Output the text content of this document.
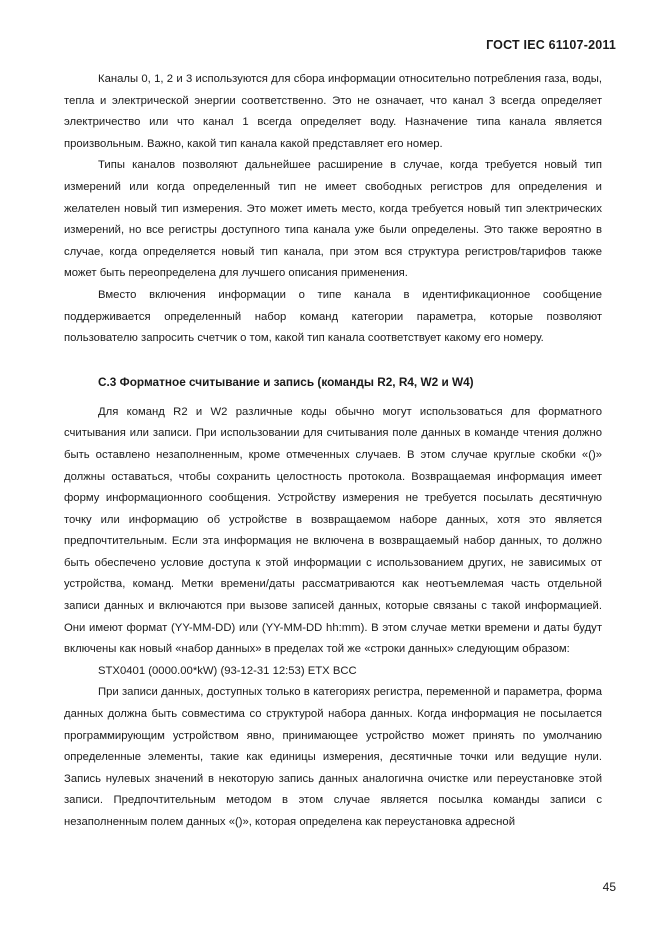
ГОСТ IEC 61107-2011

Каналы 0, 1, 2 и 3 используются для сбора информации относительно потребления газа, воды, тепла и электрической энергии соответственно. Это не означает, что канал 3 всегда определяет электричество или что канал 1 всегда определяет воду. Назначение типа канала является произвольным. Важно, какой тип канала какой представляет его номер.

Типы каналов позволяют дальнейшее расширение в случае, когда требуется новый тип измерений или когда определенный тип не имеет свободных регистров для определения и желателен новый тип измерения. Это может иметь место, когда требуется новый тип электрических измерений, но все регистры доступного типа канала уже были определены. Это также вероятно в случае, когда определяется новый тип канала, при этом вся структура регистров/тарифов также может быть переопределена для лучшего описания применения.

Вместо включения информации о типе канала в идентификационное сообщение поддерживается определенный набор команд категории параметра, которые позволяют пользователю запросить счетчик о том, какой тип канала соответствует какому его номеру.

С.3 Форматное считывание и запись (команды R2, R4, W2 и W4)

Для команд R2 и W2 различные коды обычно могут использоваться для форматного считывания или записи. При использовании для считывания поле данных в команде чтения должно быть оставлено незаполненным, кроме отмеченных случаев. В этом случае круглые скобки «()» должны оставаться, чтобы сохранить целостность протокола. Возвращаемая информация имеет форму информационного сообщения. Устройству измерения не требуется посылать десятичную точку или информацию об устройстве в возвращаемом наборе данных, хотя это является предпочтительным. Если эта информация не включена в возвращаемый набор данных, то должно быть обеспечено условие доступа к этой информации с использованием других, не зависимых от устройства, команд. Метки времени/даты рассматриваются как неотъемлемая часть отдельной записи данных и включаются при вызове записей данных, которые связаны с такой информацией. Они имеют формат (YY-MM-DD) или (YY-MM-DD hh:mm). В этом случае метки времени и даты будут включены как новый «набор данных» в пределах той же «строки данных» следующим образом:

STX0401 (0000.00*kW) (93-12-31 12:53) ETX BCC

При записи данных, доступных только в категориях регистра, переменной и параметра, форма данных должна быть совместима со структурой набора данных. Когда информация не посылается программирующим устройством явно, принимающее устройство может принять по умолчанию определенные элементы, такие как единицы измерения, десятичные точки или ведущие нули. Запись нулевых значений в некоторую запись данных аналогична очистке или переустановке этой записи. Предпочтительным методом в этом случае является посылка команды записи с незаполненным полем данных «()», которая определена как переустановка адресной

45
